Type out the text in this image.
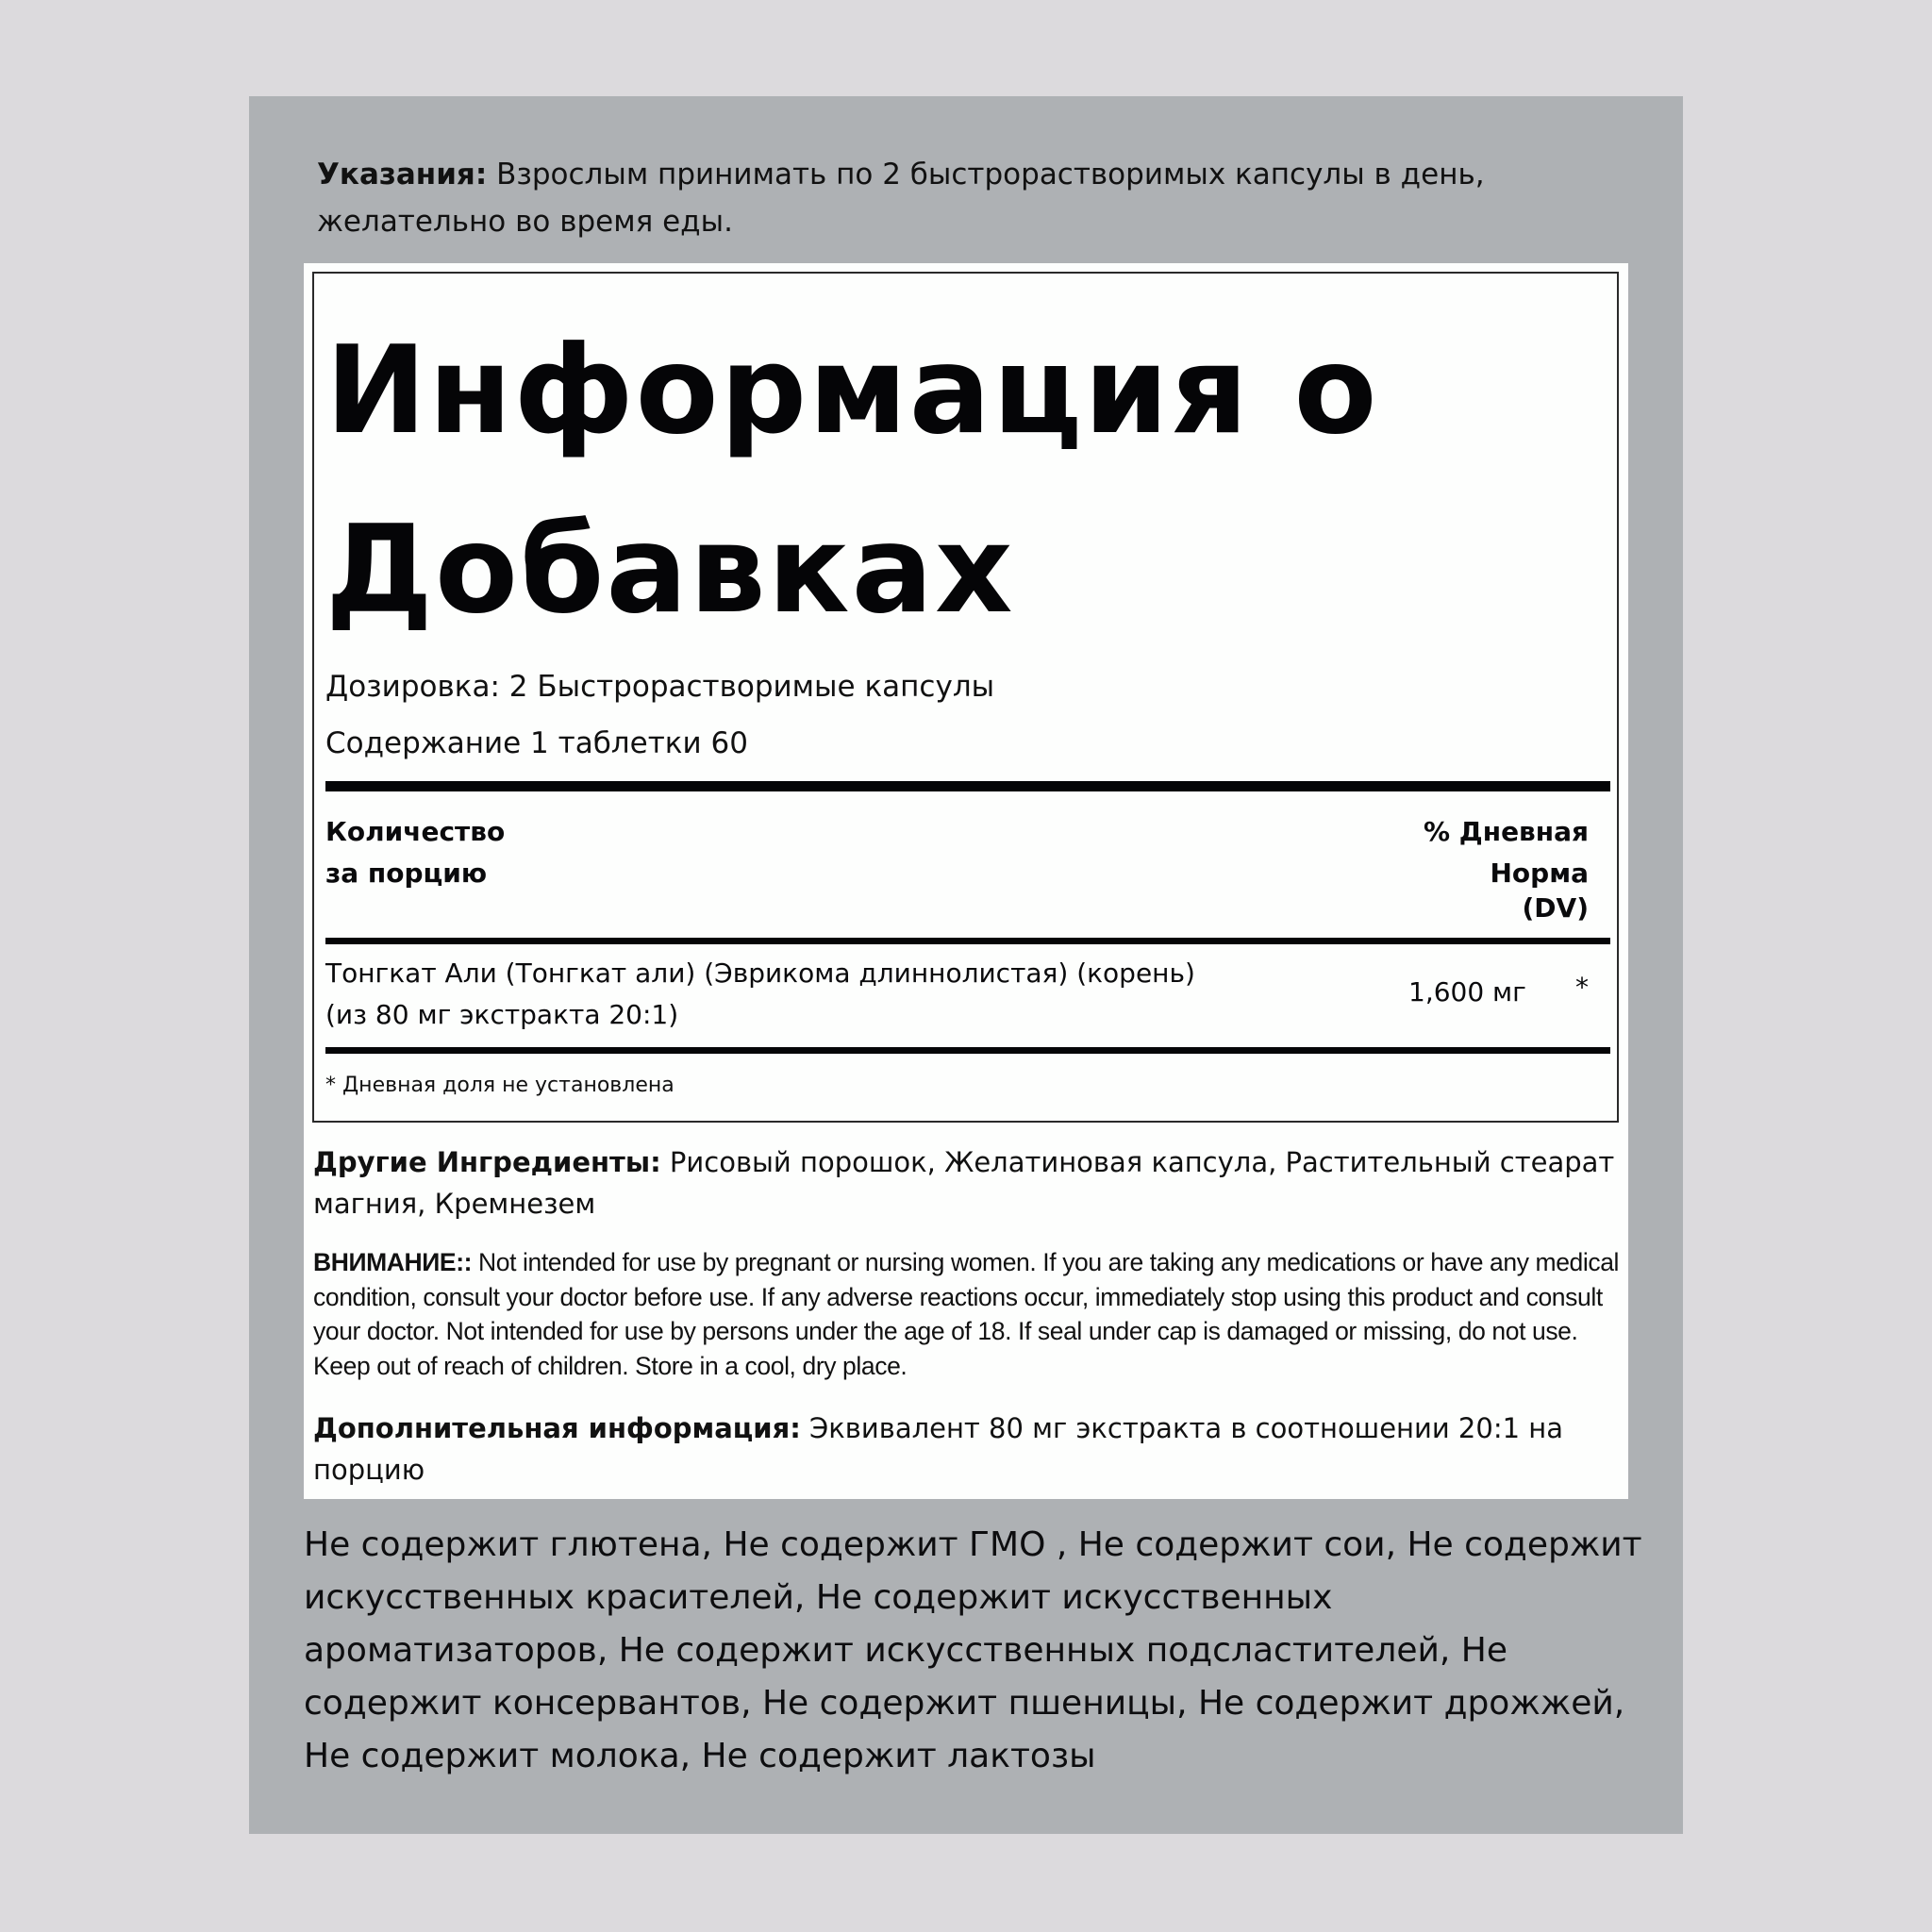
Указания: Взрослым принимать по 2 быстрорастворимых капсулы в день, желательно во время еды.
Информация о Добавках
Дозировка: 2 Быстрорастворимые капсулы
Содержание 1 таблетки 60
Количество
за порцию
% Дневная
Норма
(DV)
Тонгкат Али (Тонгкат али) (Эврикома длиннолистая) (корень)
(из 80 мг экстракта 20:1)
1,600 мг *
* Дневная доля не установлена
Другие Ингредиенты: Рисовый порошок, Желатиновая капсула, Растительный стеарат магния, Кремнезем
ВНИМАНИЕ:: Not intended for use by pregnant or nursing women. If you are taking any medications or have any medical condition, consult your doctor before use. If any adverse reactions occur, immediately stop using this product and consult your doctor. Not intended for use by persons under the age of 18. If seal under cap is damaged or missing, do not use. Keep out of reach of children. Store in a cool, dry place.
Дополнительная информация: Эквивалент 80 мг экстракта в соотношении 20:1 на порцию
Не содержит глютена, Не содержит ГМО , Не содержит сои, Не содержит искусственных красителей, Не содержит искусственных ароматизаторов, Не содержит искусственных подсластителей, Не содержит консервантов, Не содержит пшеницы, Не содержит дрожжей, Не содержит молока, Не содержит лактозы
